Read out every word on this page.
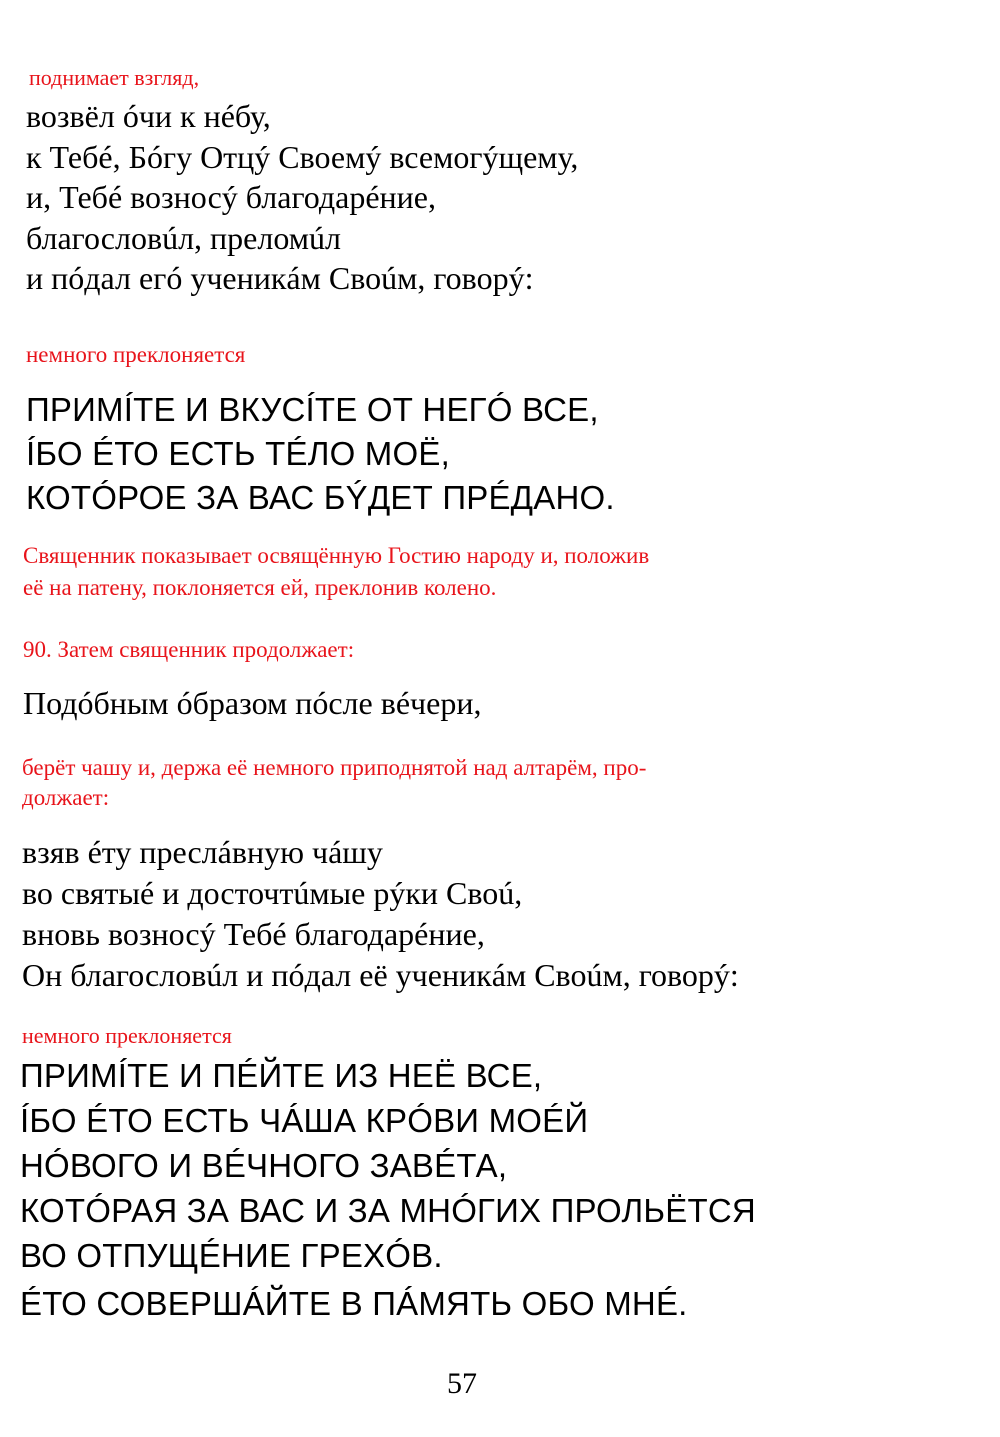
поднимает взгляд,
возвёл óчи к нéбу,
к Тебé, Бóгу Отцý Своемý всемогýщему,
и, Тебé возносý благодарéние,
благословúл, преломúл
и пóдал егó ученикáм Своúм, говорý:
немного преклоняется
ПРИМÍТЕ И ВКУСÍТЕ ОТ НЕГÓ ВСЕ,
ÍБО ÉТО ЕСТЬ ТÉЛО МОЁ,
КОТÓРОЕ ЗА ВАС БÝДЕТ ПРÉДАНО.
Священник показывает освящённую Гостию народу и, положив
её на патену, поклоняется ей, преклонив колено.
90. Затем священник продолжает:
Подóбным óбразом пóсле вéчери,
берёт чашу и, держа её немного приподнятой над алтарём, про-
должает:
взяв éту преслáвную чáшу
во святыé и досточтúмые рýки Своú,
вновь возносý Тебé благодарéние,
Он благословúл и пóдал её ученикáм Своúм, говорý:
немного преклоняется
ПРИМÍТЕ И ПÉЙТЕ ИЗ НЕЁ ВСЕ,
ÍБО ÉТО ЕСТЬ ЧÁША КРÓВИ МОÉЙ
НÓВОГО И ВÉЧНОГО ЗАВÉТА,
КОТÓРАЯ ЗА ВАС И ЗА МНÓГИХ ПРОЛЬЁТСЯ
ВО ОТПУЩÉНИЕ ГРЕХÓВ.
ÉТО СОВЕРШÁЙТЕ В ПÁМЯТЬ ОБО МНÉ.
57
